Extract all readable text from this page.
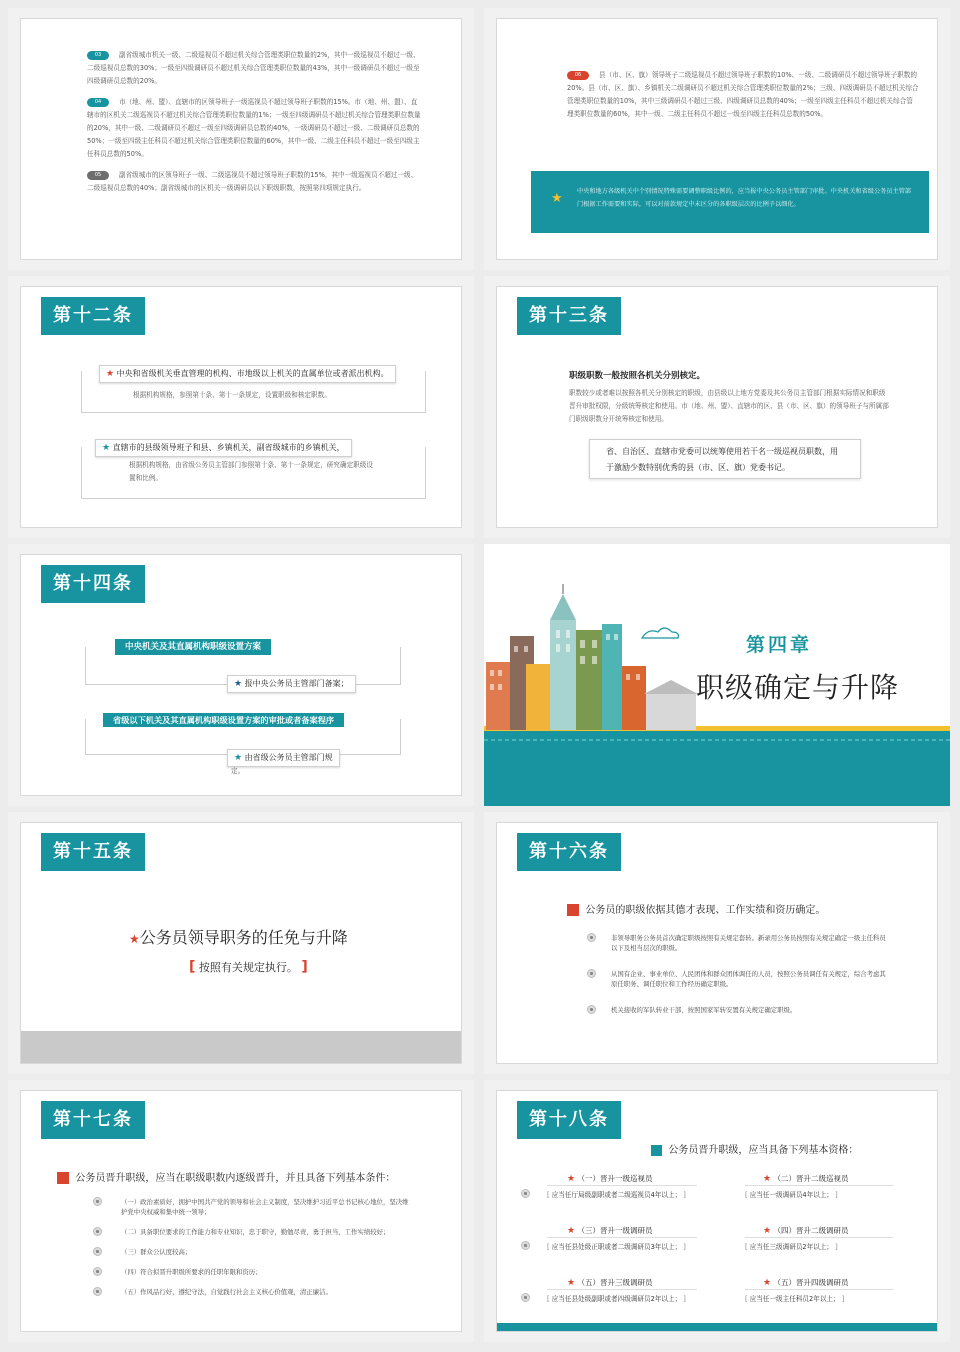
03	副省级城市机关一级、二级巡视员不超过机关综合管理类职位数量的2%，其中一级巡视员不超过一级、二级巡视员总数的30%；一级至四级调研员不超过机关综合管理类职位数量的43%，其中一级调研员不超过一级至四级调研员总数的20%。
04	市（地、州、盟）、直辖市的区领导班子一级巡视员不超过领导班子职数的15%。市（地、州、盟）、直辖市的区机关二级巡视员不超过机关综合管理类职位数量的1%；一级至四级调研员不超过机关综合管理类职位数量的20%，其中一级、二级调研员不超过一级至四级调研员总数的40%，一级调研员不超过一级、二级调研员总数的50%；一级至四级主任科员不超过机关综合管理类职位数量的60%，其中一级、二级主任科员不超过一级至四级主任科员总数的50%。
05	副省级城市的区领导班子一级、二级巡视员不超过领导班子职数的15%，其中一级巡视员不超过一级、二级巡视员总数的40%；副省级城市的区机关一级调研员以下职级职数，按照第四项规定执行。
06	县（市、区、旗）领导班子二级巡视员不超过领导班子职数的10%、一级、二级调研员不超过领导班子职数的20%。县（市、区、旗）、乡镇机关二级调研员不超过机关综合管理类职位数量的2%；三级、四级调研员不超过机关综合管理类职位数量的10%，其中三级调研员不超过三级、四级调研员总数的40%；一级至四级主任科员不超过机关综合管理类职位数量的60%，其中一级、二级主任科员不超过一级至四级主任科员总数的50%。
★ 中央和地方各级机关中个别情况特殊需要调整职级比例的，应当报中央公务员主管部门审批。中央机关和省级公务员主管部门根据工作需要和实际，可以对前款规定中未区分的各职级层次的比例予以细化。
第十二条
★ 中央和省级机关垂直管理的机构、市地级以上机关的直属单位或者派出机构。
根据机构规格，参照第十条、第十一条规定，设置职级和核定职数。
★ 直辖市的县级领导班子和县、乡镇机关，副省级城市的乡镇机关，
根据机构规格，由省级公务员主管部门参照第十条、第十一条规定，研究确定职级设置和比例。
第十三条
职级职数一般按照各机关分别核定。
职数较少或者难以按照各机关分别核定的职级，由县级以上地方党委及其公务员主管部门根据实际情况和职级晋升审批权限，分级统筹核定和使用。市（地、州、盟）、直辖市的区、县（市、区、旗）的领导班子与所属部门职级职数分开统筹核定和使用。
省、自治区、直辖市党委可以统筹使用若干名一级巡视员职数，用于激励少数特别优秀的县（市、区、旗）党委书记。
第十四条
中央机关及其直属机构职级设置方案
★ 报中央公务员主管部门备案；
省级以下机关及其直属机构职级设置方案的审批或者备案程序
★ 由省级公务员主管部门规
定。
第四章
职级确定与升降
第十五条
★公务员领导职务的任免与升降
[ 按照有关规定执行。 ]
第十六条
公务员的职级依据其德才表现、工作实绩和资历确定。
非领导职务公务员首次确定职级按照有关规定套转。新录用公务员按照有关规定确定一级主任科员以下及相当层次的职级。
从国有企业、事业单位、人民团体和群众团体调任的人员，按照公务员调任有关规定，综合考虑其原任职务、调任职位和工作经历确定职级。
机关接收的军队转业干部，按照国家军转安置有关规定确定职级。
第十七条
公务员晋升职级，应当在职级职数内逐级晋升，并且具备下列基本条件：
（一）政治素质好，拥护中国共产党的领导和社会主义制度，坚决维护习近平总书记核心地位，坚决维护党中央权威和集中统一领导；
（二）具备职位要求的工作能力和专业知识，忠于职守，勤勉尽责，勇于担当，工作实绩较好；
（三）群众公认度较高；
（四）符合拟晋升职级所要求的任职年限和资历；
（五）作风品行好，遵纪守法，自觉践行社会主义核心价值观，清正廉洁。
第十八条
公务员晋升职级，应当具备下列基本资格：
★ （一）晋升一级巡视员
[ 应当任厅局级副职或者二级巡视员4年以上； ]
★ （三）晋升一级调研员
[ 应当任县处级正职或者二级调研员3年以上； ]
★ （五）晋升三级调研员
[ 应当任县处级副职或者四级调研员2年以上； ]
★ （二）晋升二级巡视员
[ 应当任一级调研员4年以上； ]
★ （四）晋升二级调研员
[ 应当任三级调研员2年以上； ]
★ （五）晋升四级调研员
[ 应当任一级主任科员2年以上； ]
